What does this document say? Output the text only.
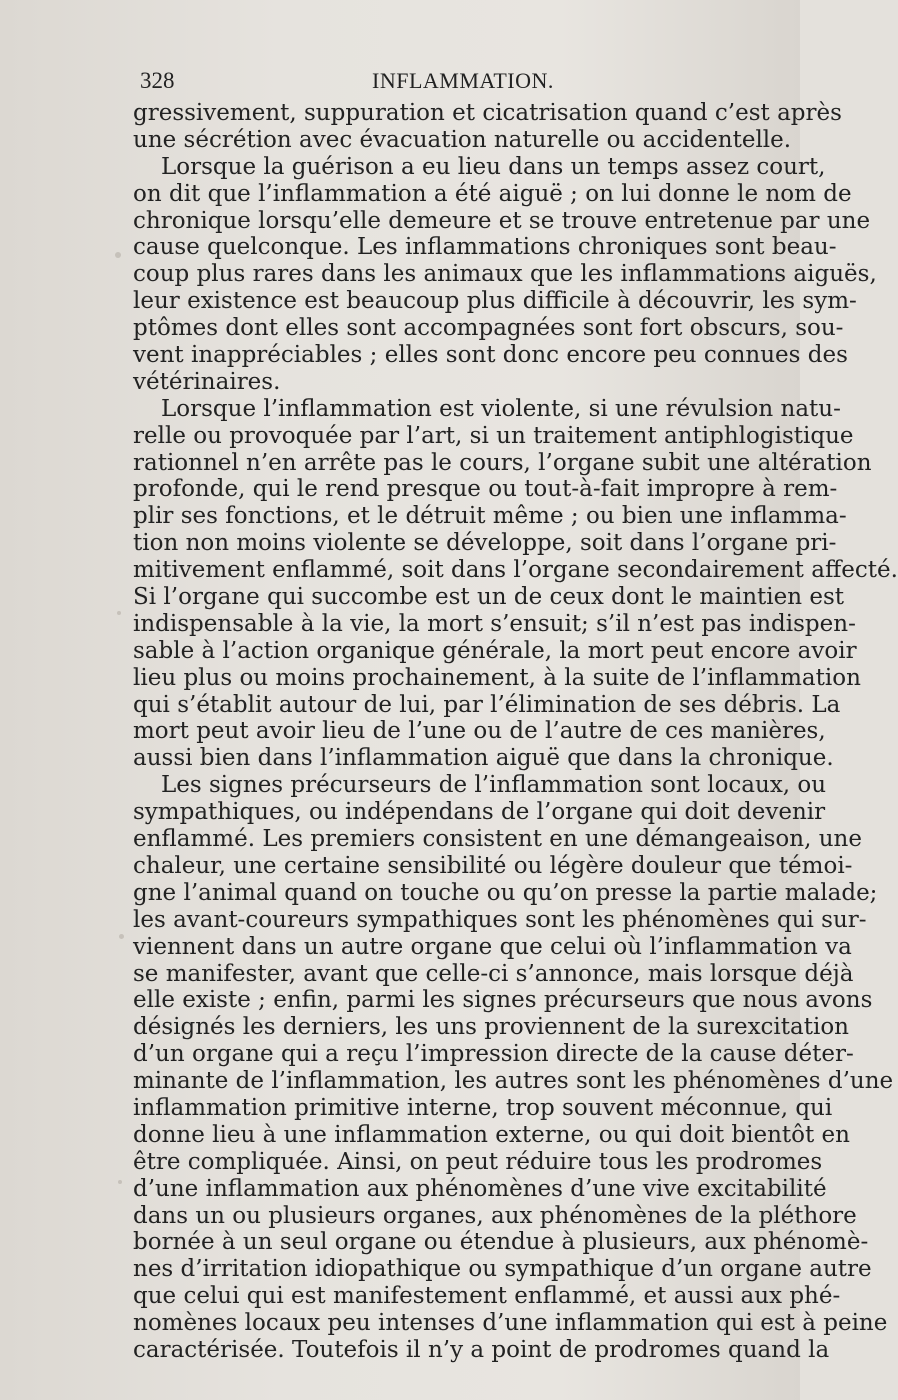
328	INFLAMMATION.
gressivement, suppuration et cicatrisation quand c’est après
une sécrétion avec évacuation naturelle ou accidentelle.
Lorsque la guérison a eu lieu dans un temps assez court,
on dit que l’inflammation a été aiguë ; on lui donne le nom de
chronique lorsqu’elle demeure et se trouve entretenue par une
cause quelconque. Les inflammations chroniques sont beau-
coup plus rares dans les animaux que les inflammations aiguës,
leur existence est beaucoup plus difficile à découvrir, les sym-
ptômes dont elles sont accompagnées sont fort obscurs, sou-
vent inappréciables ; elles sont donc encore peu connues des
vétérinaires.
Lorsque l’inflammation est violente, si une révulsion natu-
relle ou provoquée par l’art, si un traitement antiphlogistique
rationnel n’en arrête pas le cours, l’organe subit une altération
profonde, qui le rend presque ou tout-à-fait impropre à rem-
plir ses fonctions, et le détruit même ; ou bien une inflamma-
tion non moins violente se développe, soit dans l’organe pri-
mitivement enflammé, soit dans l’organe secondairement affecté.
Si l’organe qui succombe est un de ceux dont le maintien est
indispensable à la vie, la mort s’ensuit; s’il n’est pas indispen-
sable à l’action organique générale, la mort peut encore avoir
lieu plus ou moins prochainement, à la suite de l’inflammation
qui s’établit autour de lui, par l’élimination de ses débris. La
mort peut avoir lieu de l’une ou de l’autre de ces manières,
aussi bien dans l’inflammation aiguë que dans la chronique.
Les signes précurseurs de l’inflammation sont locaux, ou
sympathiques, ou indépendans de l’organe qui doit devenir
enflammé. Les premiers consistent en une démangeaison, une
chaleur, une certaine sensibilité ou légère douleur que témoi-
gne l’animal quand on touche ou qu’on presse la partie malade;
les avant-coureurs sympathiques sont les phénomènes qui sur-
viennent dans un autre organe que celui où l’inflammation va
se manifester, avant que celle-ci s’annonce, mais lorsque déjà
elle existe ; enfin, parmi les signes précurseurs que nous avons
désignés les derniers, les uns proviennent de la surexcitation
d’un organe qui a reçu l’impression directe de la cause déter-
minante de l’inflammation, les autres sont les phénomènes d’une
inflammation primitive interne, trop souvent méconnue, qui
donne lieu à une inflammation externe, ou qui doit bientôt en
être compliquée. Ainsi, on peut réduire tous les prodromes
d’une inflammation aux phénomènes d’une vive excitabilité
dans un ou plusieurs organes, aux phénomènes de la pléthore
bornée à un seul organe ou étendue à plusieurs, aux phénomè-
nes d’irritation idiopathique ou sympathique d’un organe autre
que celui qui est manifestement enflammé, et aussi aux phé-
nomènes locaux peu intenses d’une inflammation qui est à peine
caractérisée. Toutefois il n’y a point de prodromes quand la
